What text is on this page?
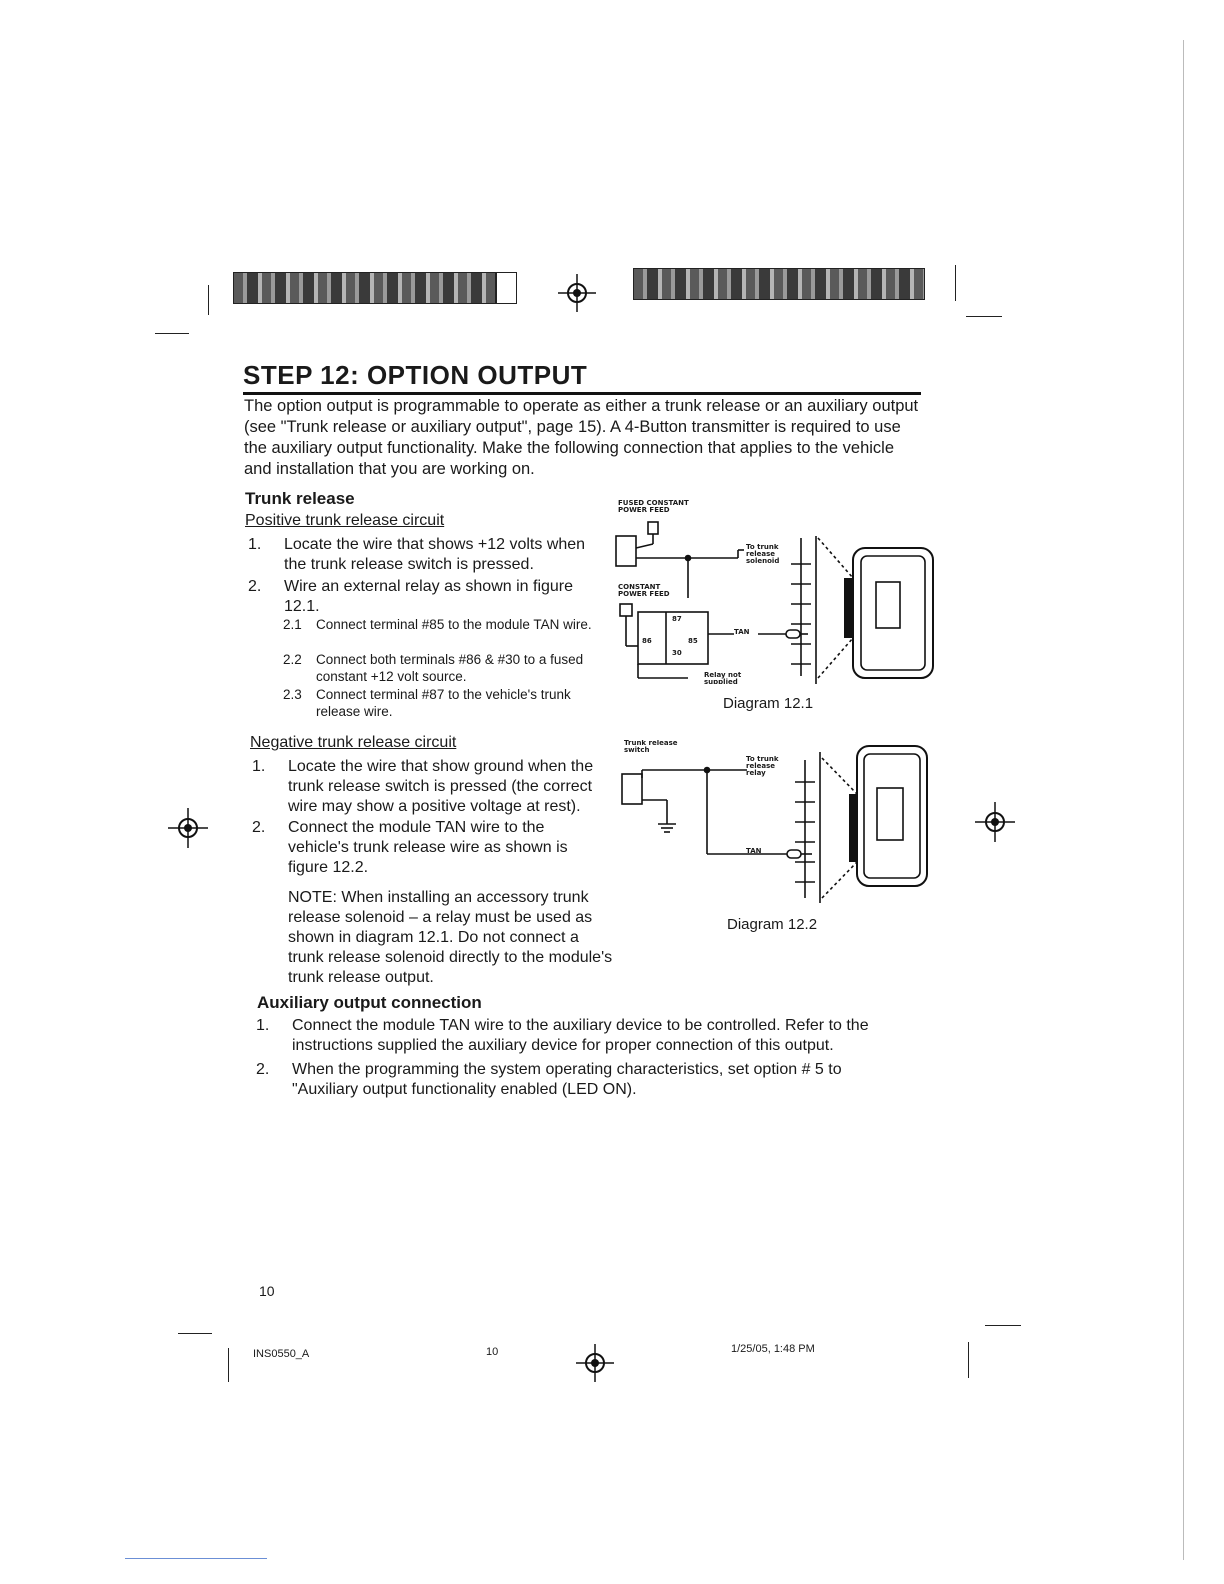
STEP 12: OPTION OUTPUT
The option output is programmable to operate as either a trunk release or an auxiliary output (see "Trunk release or auxiliary output", page 15). A 4-Button transmitter is required to use the auxiliary output functionality. Make the following connection that applies to the vehicle and installation that you are working on.
Trunk release
Positive trunk release circuit
1. Locate the wire that shows +12 volts when the trunk release switch is pressed.
2. Wire an external relay as shown in figure 12.1.
2.1 Connect terminal #85 to the module TAN wire.
2.2 Connect both terminals #86 & #30 to a fused constant +12 volt source.
2.3 Connect terminal #87 to the vehicle's trunk release wire.
Negative trunk release circuit
1. Locate the wire that show ground when the trunk release switch is pressed (the correct wire may show a positive voltage at rest).
2. Connect the module TAN wire to the vehicle's trunk release wire as shown is figure 12.2.
NOTE: When installing an accessory trunk release solenoid – a relay must be used as shown in diagram 12.1. Do not connect a trunk release solenoid directly to the module's trunk release output.
FUSED CONSTANT POWER FEED
CONSTANT POWER FEED
To trunk release solenoid
TAN
Relay not supplied
87
86	85
30
Diagram 12.1
Trunk release switch
To trunk release relay
TAN
Diagram 12.2
Auxiliary output connection
1. Connect the module TAN wire to the auxiliary device to be controlled. Refer to the instructions supplied the auxiliary device for proper connection of this output.
2. When the programming the system operating characteristics, set option # 5 to "Auxiliary output functionality enabled (LED ON).
10
INS0550_A	10	1/25/05, 1:48 PM
